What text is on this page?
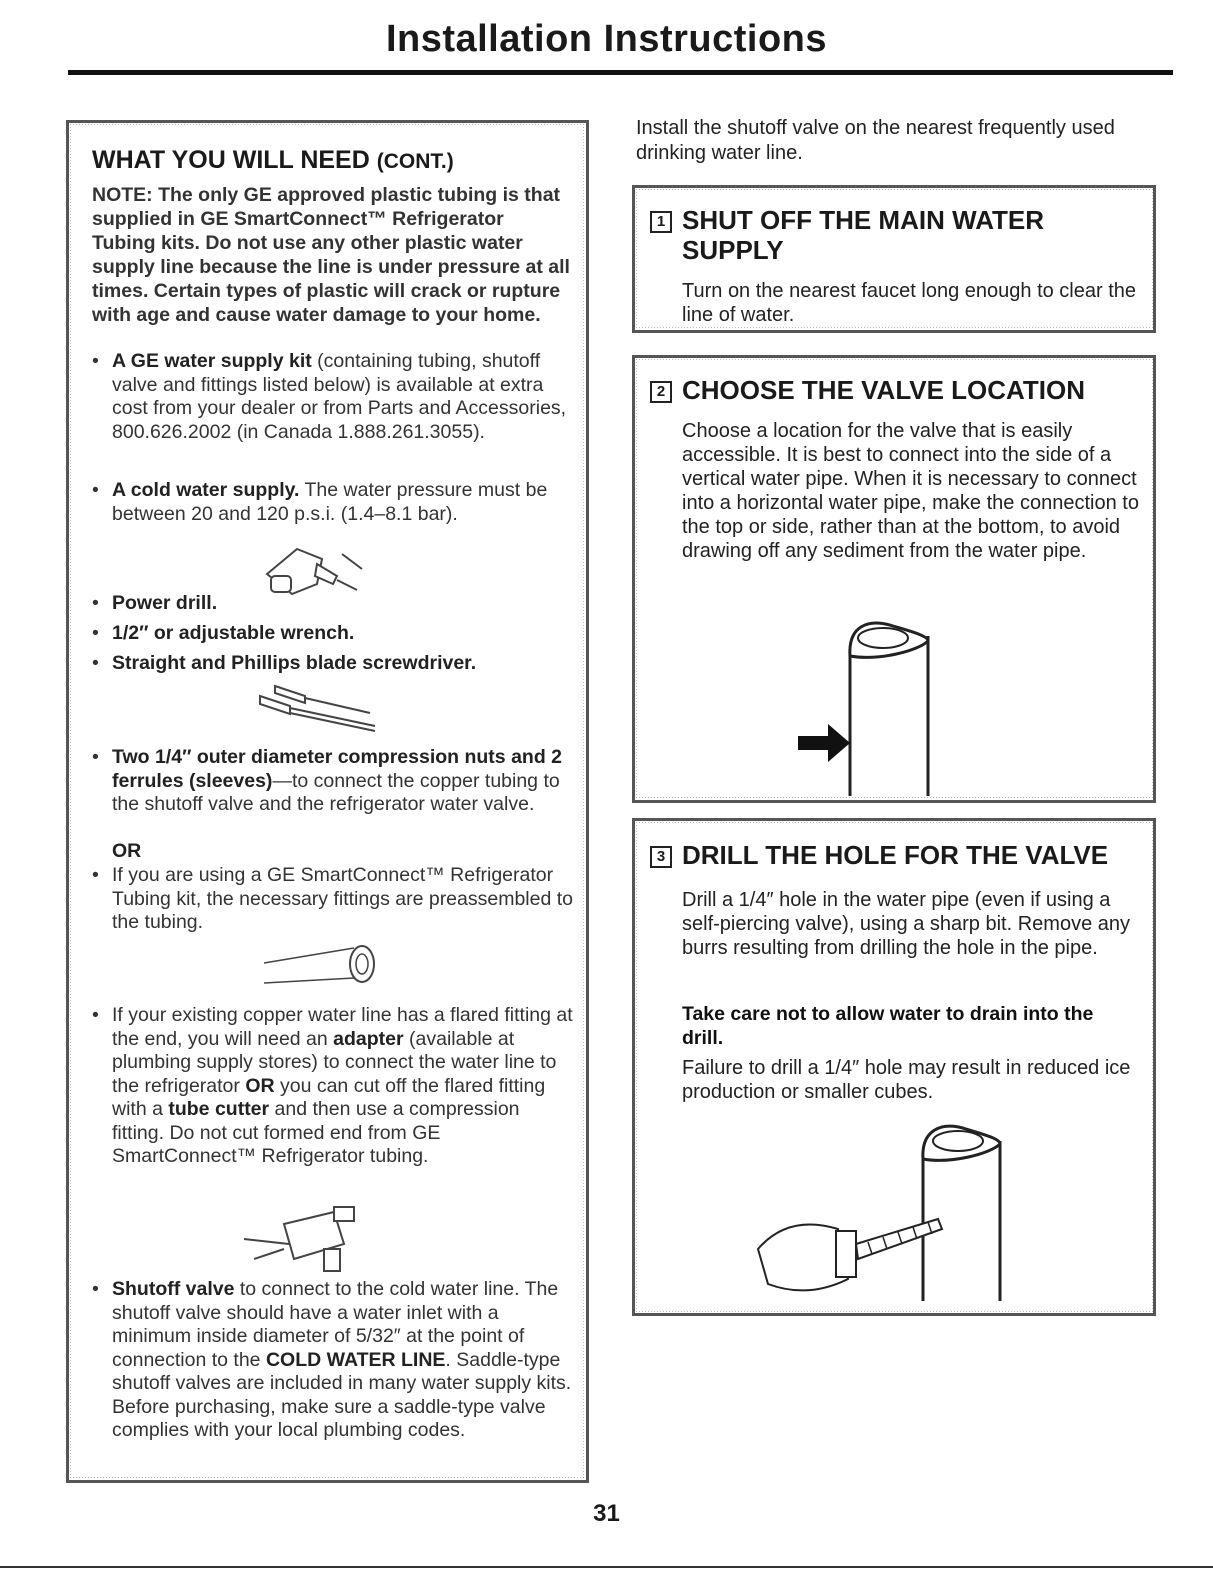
Installation Instructions
WHAT YOU WILL NEED (CONT.)
NOTE: The only GE approved plastic tubing is that supplied in GE SmartConnect™ Refrigerator Tubing kits. Do not use any other plastic water supply line because the line is under pressure at all times. Certain types of plastic will crack or rupture with age and cause water damage to your home.
• A GE water supply kit (containing tubing, shutoff valve and fittings listed below) is available at extra cost from your dealer or from Parts and Accessories, 800.626.2002 (in Canada 1.888.261.3055).
• A cold water supply. The water pressure must be between 20 and 120 p.s.i. (1.4–8.1 bar).
• Power drill.
• 1/2″ or adjustable wrench.
• Straight and Phillips blade screwdriver.
• Two 1/4″ outer diameter compression nuts and 2 ferrules (sleeves)—to connect the copper tubing to the shutoff valve and the refrigerator water valve.
OR
• If you are using a GE SmartConnect™ Refrigerator Tubing kit, the necessary fittings are preassembled to the tubing.
• If your existing copper water line has a flared fitting at the end, you will need an adapter (available at plumbing supply stores) to connect the water line to the refrigerator OR you can cut off the flared fitting with a tube cutter and then use a compression fitting. Do not cut formed end from GE SmartConnect™ Refrigerator tubing.
• Shutoff valve to connect to the cold water line. The shutoff valve should have a water inlet with a minimum inside diameter of 5/32″ at the point of connection to the COLD WATER LINE. Saddle-type shutoff valves are included in many water supply kits. Before purchasing, make sure a saddle-type valve complies with your local plumbing codes.
Install the shutoff valve on the nearest frequently used drinking water line.
1 SHUT OFF THE MAIN WATER SUPPLY
Turn on the nearest faucet long enough to clear the line of water.
2 CHOOSE THE VALVE LOCATION
Choose a location for the valve that is easily accessible. It is best to connect into the side of a vertical water pipe. When it is necessary to connect into a horizontal water pipe, make the connection to the top or side, rather than at the bottom, to avoid drawing off any sediment from the water pipe.
3 DRILL THE HOLE FOR THE VALVE
Drill a 1/4″ hole in the water pipe (even if using a self-piercing valve), using a sharp bit. Remove any burrs resulting from drilling the hole in the pipe.
Take care not to allow water to drain into the drill.
Failure to drill a 1/4″ hole may result in reduced ice production or smaller cubes.
31
